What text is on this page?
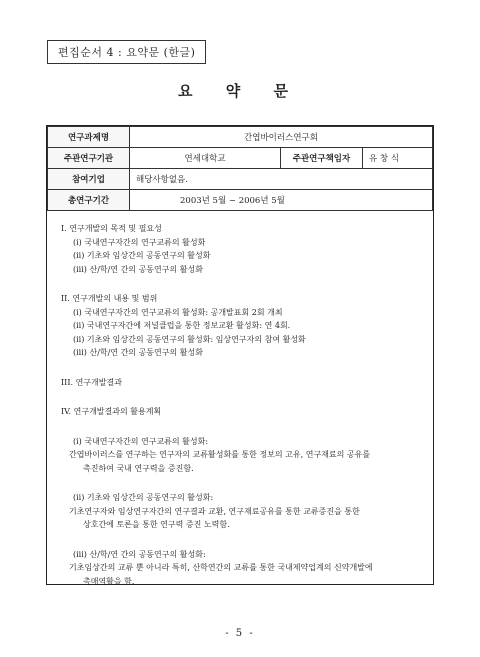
편집순서 4 : 요약문 (한글)
요 약 문
연구과제명	간엽바이러스연구회		
주관연구기관	연세대학교	주관연구책임자	유 창 식
참여기업	해당사항없음.		
총연구기간	2003년 5월 ~ 2006년 5월		
I. 연구개발의 목적 및 필요성
(i) 국내연구자간의 연구교류의 활성화
(ii) 기초와 임상간의 공동연구의 활성화
(iii) 산/학/연 간의 공동연구의 활성화
II. 연구개발의 내용 및 범위
(i) 국내연구자간의 연구교류의 활성화: 공개발표회 2회 개최
(ii) 국내연구자간에 저널클럽을 통한 정보교환 활성화: 연 4회.
(ii) 기초와 임상간의 공동연구의 활성화: 임상연구자의 참여 활성화
(iii) 산/학/연 간의 공동연구의 활성화
III. 연구개발결과
IV. 연구개발결과의 활용계획
(i) 국내연구자간의 연구교류의 활성화:
간엽바이러스를 연구하는 연구자의 교류활성화를 통한 정보의 고유, 연구재료의 공유를
촉진하여 국내 연구력을 증진함.
(ii) 기초와 임상간의 공동연구의 활성화:
기초연구자와 임상연구자간의 연구결과 교환, 연구재료공유를 통한 교류증진을 통한
상호간에 토론을 통한 연구력 증진 노력함.
(iii) 산/학/연 간의 공동연구의 활성화:
기초임상간의 교류 뿐 아니라 특히, 산학연간의 교류를 통한 국내제약업계의 신약개발에
촉매역활을 함.
- 5 -
